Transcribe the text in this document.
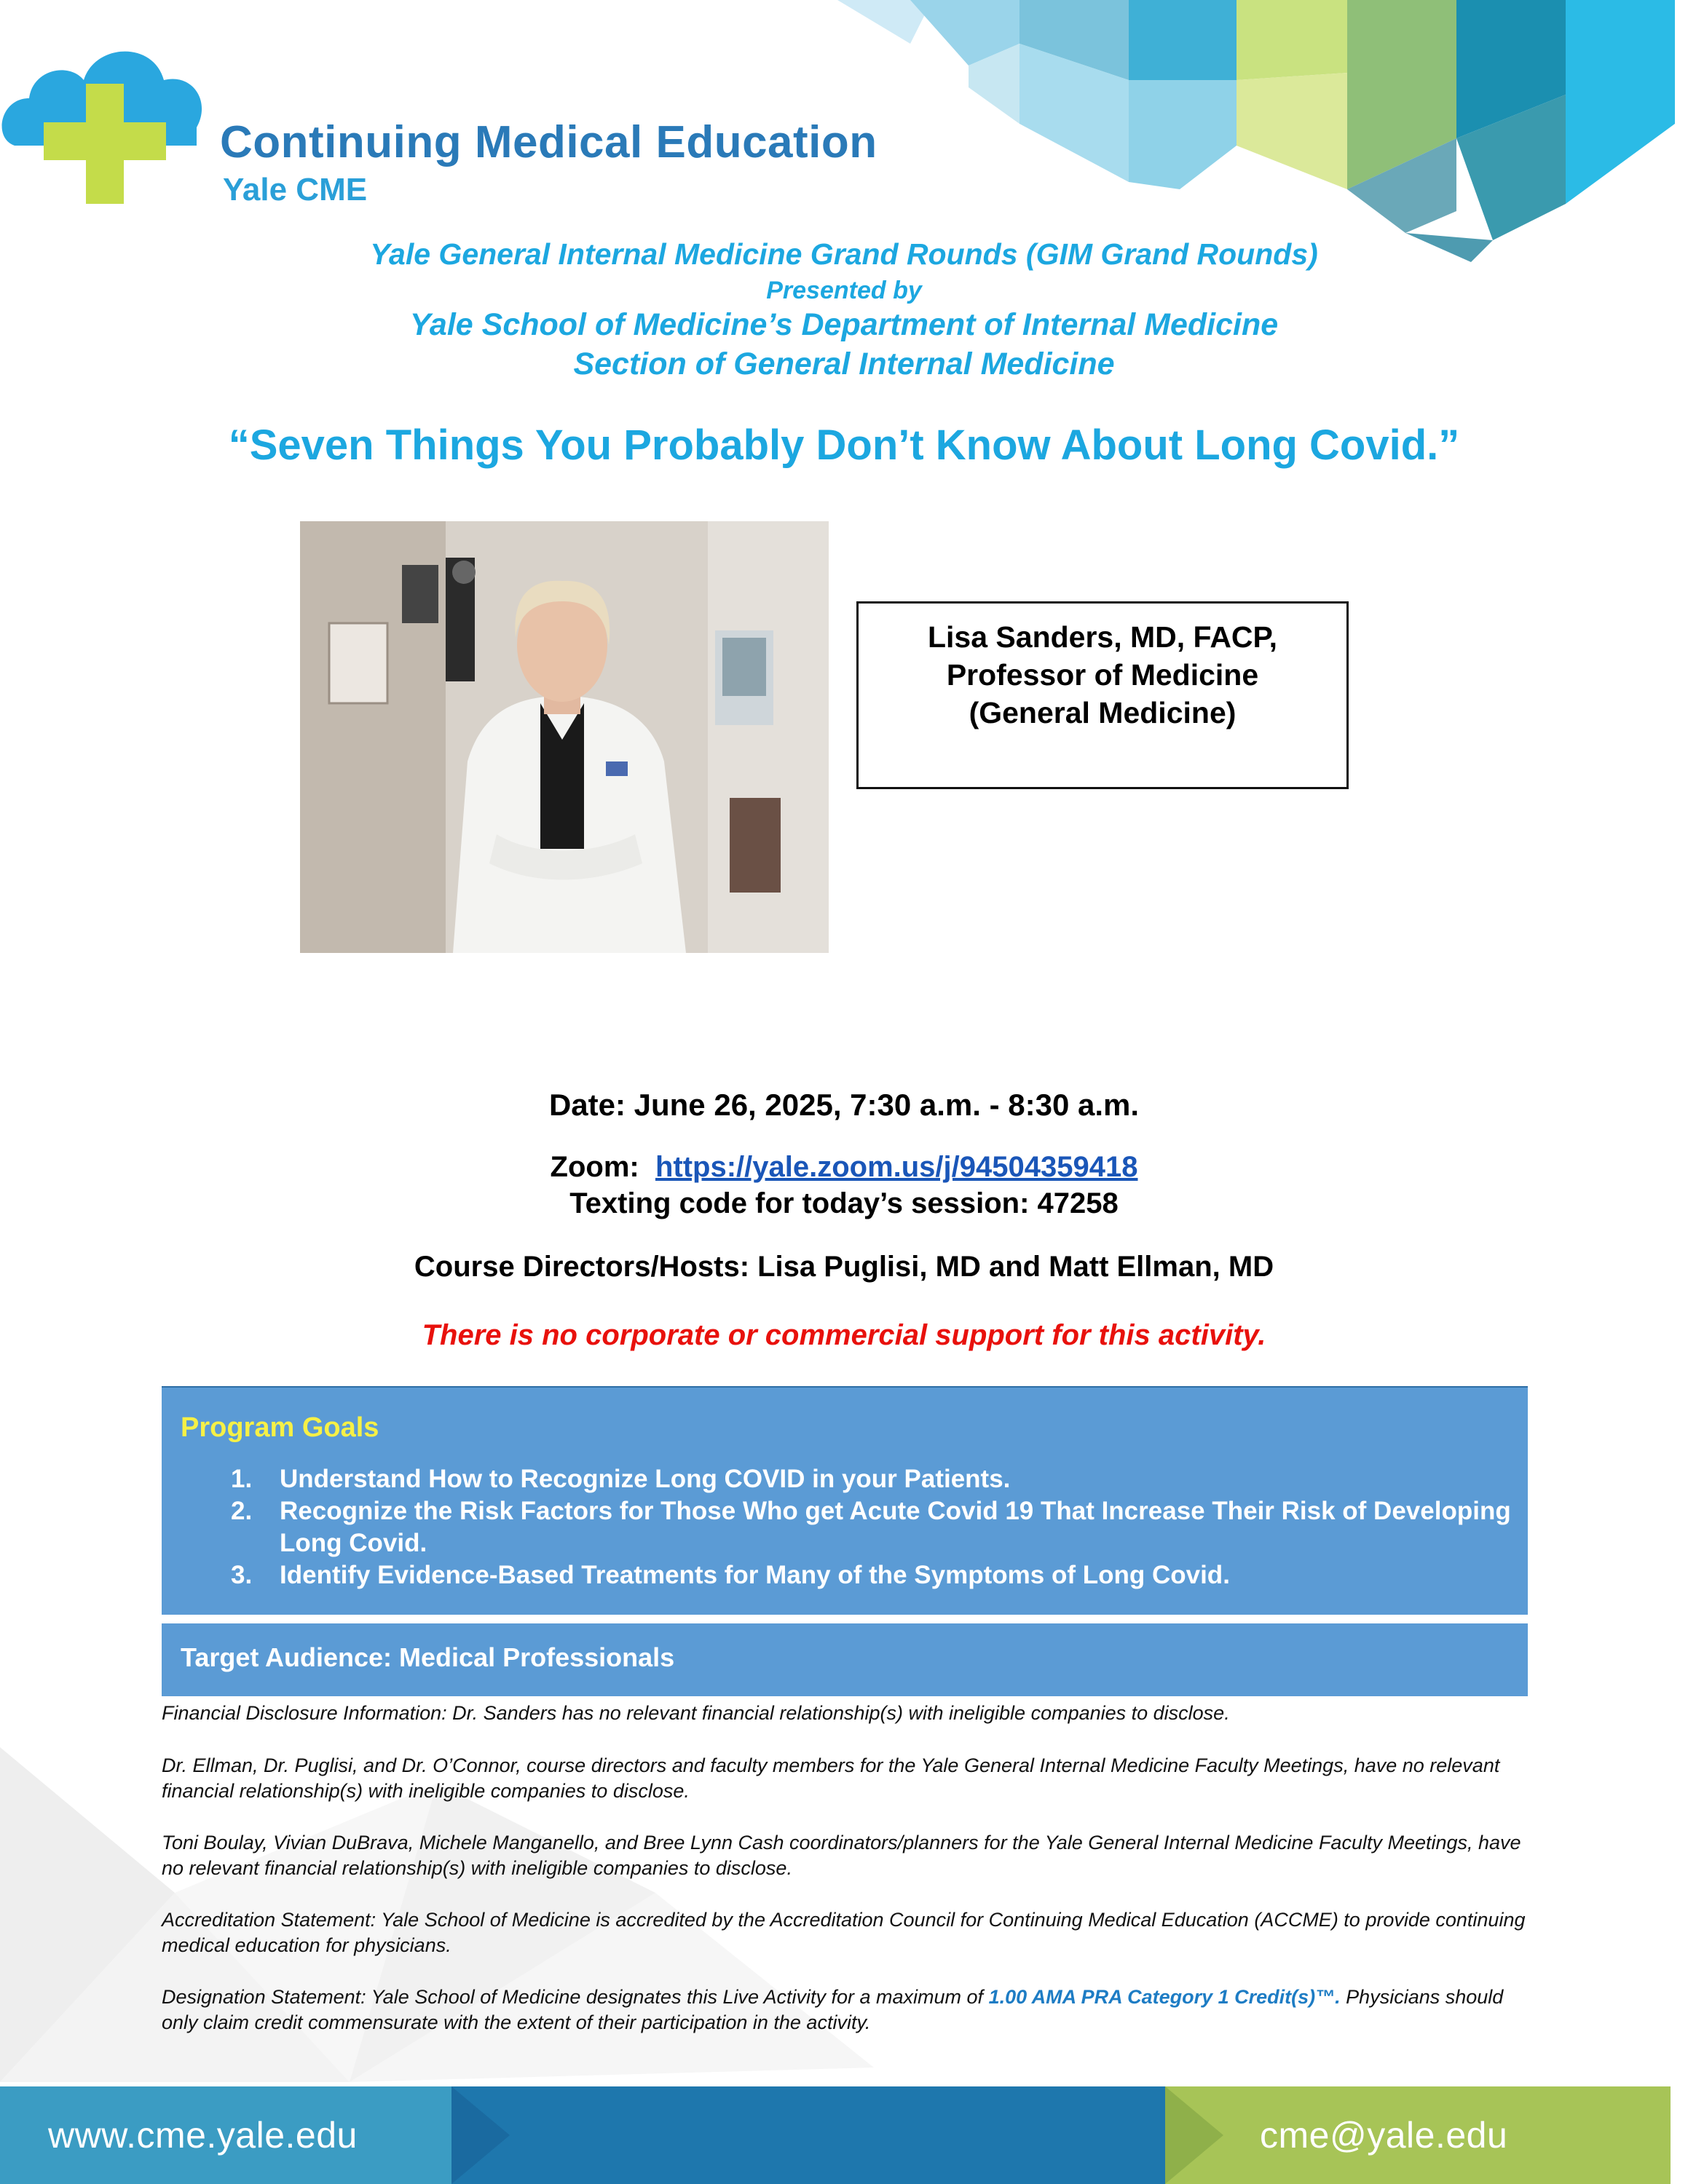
Continuing Medical Education
Yale CME
Yale General Internal Medicine Grand Rounds (GIM Grand Rounds)
Presented by
Yale School of Medicine’s Department of Internal Medicine
Section of General Internal Medicine
“Seven Things You Probably Don’t Know About Long Covid.”
Lisa Sanders, MD, FACP,
Professor of Medicine
(General Medicine)
Date: June 26, 2025, 7:30 a.m. - 8:30 a.m.
Zoom: https://yale.zoom.us/j/94504359418
Texting code for today’s session: 47258
Course Directors/Hosts: Lisa Puglisi, MD and Matt Ellman, MD
There is no corporate or commercial support for this activity.
Program Goals
1. Understand How to Recognize Long COVID in your Patients.
2. Recognize the Risk Factors for Those Who get Acute Covid 19 That Increase Their Risk of Developing Long Covid.
3. Identify Evidence-Based Treatments for Many of the Symptoms of Long Covid.
Target Audience: Medical Professionals
Financial Disclosure Information: Dr. Sanders has no relevant financial relationship(s) with ineligible companies to disclose.
Dr. Ellman, Dr. Puglisi, and Dr. O’Connor, course directors and faculty members for the Yale General Internal Medicine Faculty Meetings, have no relevant financial relationship(s) with ineligible companies to disclose.
Toni Boulay, Vivian DuBrava, Michele Manganello, and Bree Lynn Cash coordinators/planners for the Yale General Internal Medicine Faculty Meetings, have no relevant financial relationship(s) with ineligible companies to disclose.
Accreditation Statement: Yale School of Medicine is accredited by the Accreditation Council for Continuing Medical Education (ACCME) to provide continuing medical education for physicians.
Designation Statement: Yale School of Medicine designates this Live Activity for a maximum of 1.00 AMA PRA Category 1 Credit(s)™. Physicians should only claim credit commensurate with the extent of their participation in the activity.
www.cme.yale.edu	cme@yale.edu
